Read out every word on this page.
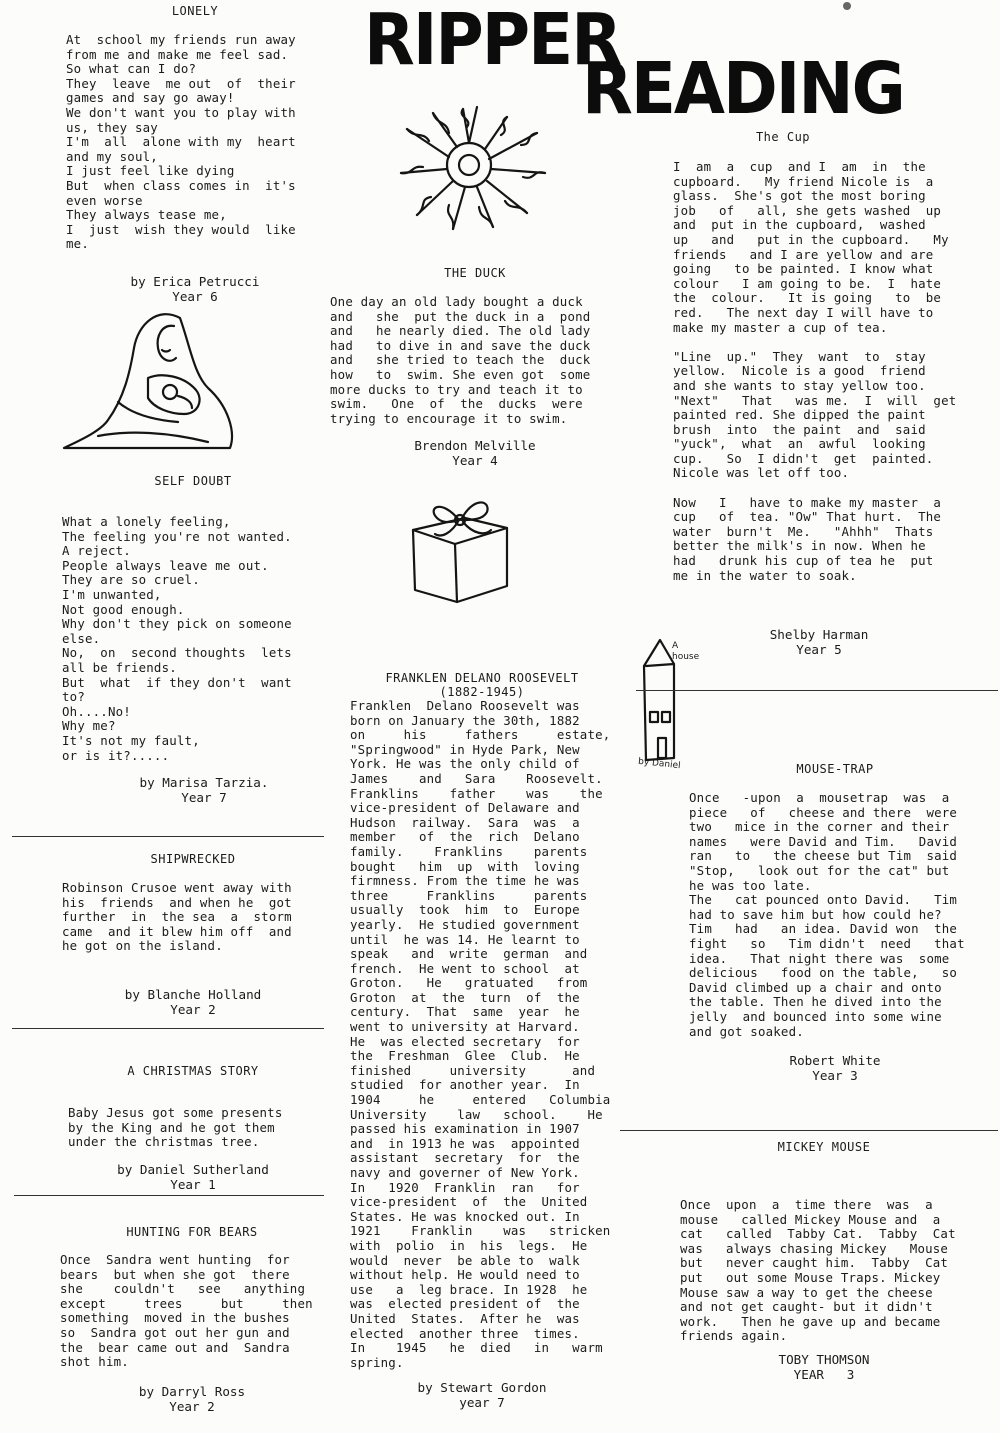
RIPPER
READING
A house
by Daniel
LONELY
At  school my friends run away
from me and make me feel sad.
So what can I do?
They  leave  me out  of  their
games and say go away!
We don't want you to play with
us, they say
I'm  all  alone with my  heart
and my soul,
I just feel like dying
But  when class comes in  it's
even worse
They always tease me,
I  just  wish they would  like
me.
by Erica Petrucci
Year 6
SELF DOUBT
What a lonely feeling,
The feeling you're not wanted.
A reject.
People always leave me out.
They are so cruel.
I'm unwanted,
Not good enough.
Why don't they pick on someone
else.
No,  on  second thoughts  lets
all be friends.
But  what  if they don't  want
to?
Oh....No!
Why me?
It's not my fault,
or is it?.....
by Marisa Tarzia.
Year 7
SHIPWRECKED
Robinson Crusoe went away with
his  friends  and when he  got
further  in  the sea  a  storm
came  and it blew him off  and
he got on the island.
by Blanche Holland
Year 2
A CHRISTMAS STORY
Baby Jesus got some presents
by the King and he got them
under the christmas tree.
by Daniel Sutherland
Year 1
HUNTING FOR BEARS
Once  Sandra went hunting  for
bears  but when she got  there
she    couldn't   see   anything
except     trees     but     then
something  moved in the bushes
so  Sandra got out her gun and
the  bear came out and  Sandra
shot him.
by Darryl Ross
Year 2
THE DUCK
One day an old lady bought a duck
and   she  put the duck in a  pond
and   he nearly died. The old lady
had   to dive in and save the duck
and   she tried to teach the  duck
how   to  swim. She even got  some
more ducks to try and teach it to
swim.   One  of  the  ducks  were
trying to encourage it to swim.
Brendon Melville
Year 4
FRANKLEN DELANO ROOSEVELT
(1882-1945)
Franklen  Delano Roosevelt was
born on January the 30th, 1882
on     his     fathers     estate,
"Springwood" in Hyde Park, New
York. He was the only child of
James    and   Sara    Roosevelt.
Franklins    father    was    the
vice-president of Delaware and
Hudson  railway.  Sara  was  a
member   of  the  rich  Delano
family.    Franklins    parents
bought   him  up  with  loving
firmness. From the time he was
three     Franklins     parents
usually  took  him  to  Europe
yearly.  He studied government
until  he was 14. He learnt to
speak   and  write  german  and
french.  He went to school  at
Groton.   He   gratuated   from
Groton  at  the  turn  of  the
century.  That  same  year  he
went to university at Harvard.
He  was elected secretary  for
the  Freshman  Glee  Club.  He
finished     university      and
studied  for another year.  In
1904     he     entered   Columbia
University    law   school.    He
passed his examination in 1907
and  in 1913 he was  appointed
assistant  secretary  for  the
navy and governer of New York.
In   1920  Franklin  ran   for
vice-president  of  the  United
States. He was knocked out. In
1921    Franklin    was   stricken
with  polio  in  his  legs.  He
would  never  be able to  walk
without help. He would need to
use   a  leg brace. In 1928  he
was  elected president of  the
United  States.  After he  was
elected  another three  times.
In    1945   he  died   in   warm
spring.
by Stewart Gordon
year 7
The Cup
I  am  a  cup  and I  am  in  the
cupboard.   My friend Nicole is  a
glass.  She's got the most boring
job   of   all, she gets washed  up
and  put in the cupboard,  washed
up   and   put in the cupboard.   My
friends   and I are yellow and are
going   to be painted. I know what
colour   I am going to be.  I  hate
the  colour.   It is going   to  be
red.   The next day I will have to
make my master a cup of tea.

"Line  up."  They  want  to  stay
yellow.  Nicole is a good  friend
and she wants to stay yellow too.
"Next"   That   was me.  I  will  get
painted red. She dipped the paint
brush  into  the paint  and  said
"yuck",  what  an  awful  looking
cup.   So  I didn't  get  painted.
Nicole was let off too.

Now   I   have to make my master  a
cup   of  tea. "Ow" That hurt.  The
water  burn't  Me.   "Ahhh"  Thats
better the milk's in now. When he
had   drunk his cup of tea he  put
me in the water to soak.
Shelby Harman
Year 5
MOUSE-TRAP
Once   -upon  a  mousetrap  was  a
piece   of   cheese and there  were
two   mice in the corner and their
names   were David and Tim.   David
ran   to   the cheese but Tim  said
"Stop,   look out for the cat" but
he was too late.
The   cat pounced onto David.   Tim
had to save him but how could he?
Tim   had   an idea. David won  the
fight   so   Tim didn't  need   that
idea.   That night there was  some
delicious   food on the table,   so
David climbed up a chair and onto
the table. Then he dived into the
jelly  and bounced into some wine
and got soaked.
Robert White
Year 3
MICKEY MOUSE
Once  upon  a  time there  was  a
mouse   called Mickey Mouse and  a
cat   called  Tabby Cat.  Tabby  Cat
was   always chasing Mickey   Mouse
but   never caught him.  Tabby  Cat
put   out some Mouse Traps. Mickey
Mouse saw a way to get the cheese
and not get caught- but it didn't
work.   Then he gave up and became
friends again.
TOBY THOMSON
YEAR   3
